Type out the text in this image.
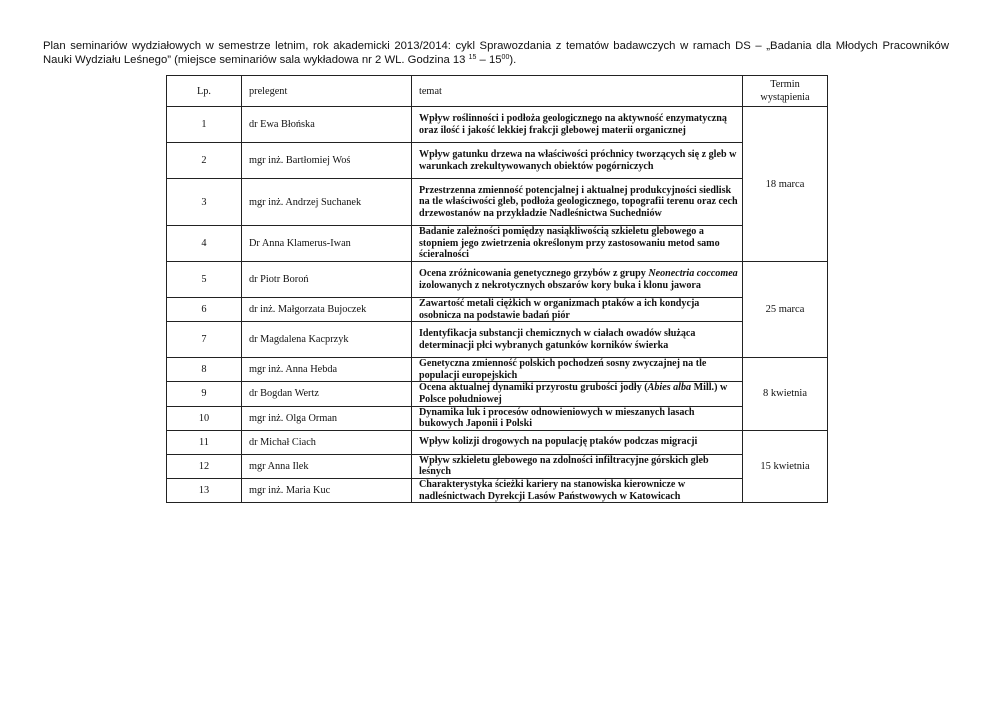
Plan seminariów wydziałowych w semestrze letnim, rok akademicki 2013/2014: cykl Sprawozdania z tematów badawczych w ramach DS – „Badania dla Młodych Pracowników Nauki Wydziału Leśnego” (miejsce seminariów sala wykładowa nr 2 WL. Godzina 13 $^{15} - 15^{00}$).
Lp.	prelegent	temat	Termin wystąpienia
1	dr Ewa Błońska	Wpływ roślinności i podłoża geologicznego na aktywność enzymatyczną oraz ilość i jakość lekkiej frakcji glebowej materii organicznej	18 marca
2	mgr inż. Bartłomiej Woś	Wpływ gatunku drzewa na właściwości próchnicy tworzących się z gleb w warunkach zrekultywowanych obiektów pogórniczych	
3	mgr inż. Andrzej Suchanek	Przestrzenna zmienność potencjalnej i aktualnej produkcyjności siedlisk na tle właściwości gleb, podłoża geologicznego, topografii terenu oraz cech drzewostanów na przykładzie Nadleśnictwa Suchedniów	
4	Dr Anna Klamerus-Iwan	Badanie zależności pomiędzy nasiąkliwością szkieletu glebowego a stopniem jego zwietrzenia określonym przy zastosowaniu metod samo ścieralności	
5	dr Piotr Boroń	Ocena zróżnicowania genetycznego grzybów z grupy Neonectria coccomea izolowanych z nekrotycznych obszarów kory buka i klonu jawora	25 marca
6	dr inż. Małgorzata Bujoczek	Zawartość metali ciężkich w organizmach ptaków a ich kondycja osobnicza na podstawie badań piór	
7	dr Magdalena Kacprzyk	Identyfikacja substancji chemicznych w ciałach owadów służąca determinacji płci wybranych gatunków korników świerka	
8	mgr inż. Anna Hebda	Genetyczna zmienność polskich pochodzeń sosny zwyczajnej na tle populacji europejskich	8 kwietnia
9	dr Bogdan Wertz	Ocena aktualnej dynamiki przyrostu grubości jodły (Abies alba Mill.) w Polsce południowej	
10	mgr inż. Olga Orman	Dynamika luk i procesów odnowieniowych w mieszanych lasach bukowych Japonii i Polski	
11	dr Michał Ciach	Wpływ kolizji drogowych na populację ptaków podczas migracji	15 kwietnia
12	mgr Anna Ilek	Wpływ szkieletu glebowego na zdolności infiltracyjne górskich gleb leśnych	
13	mgr inż. Maria Kuc	Charakterystyka ścieżki kariery na stanowiska kierownicze w nadleśnictwach Dyrekcji Lasów Państwowych w Katowicach	
